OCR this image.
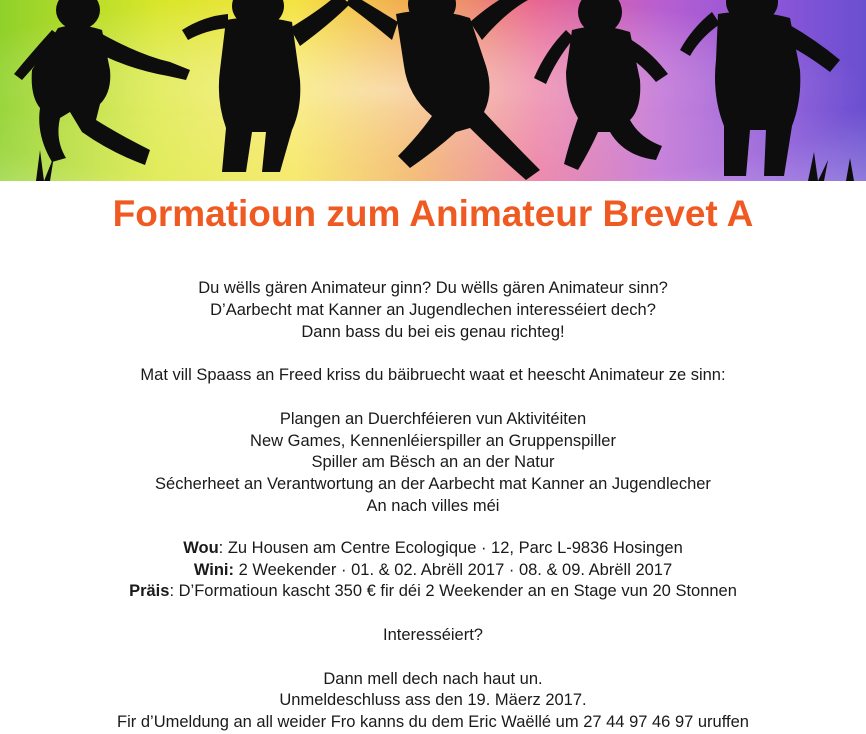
Formatioun zum Animateur Brevet A
Du wëlls gären Animateur ginn? Du wëlls gären Animateur sinn?
D’Aarbecht mat Kanner an Jugendlechen interesséiert dech?
Dann bass du bei eis genau richteg!
Mat vill Spaass an Freed kriss du bäibruecht waat et heescht Animateur ze sinn:
Plangen an Duerchféieren vun Aktivitéiten
New Games, Kennenléierspiller an Gruppenspiller
Spiller am Bësch an an der Natur
Sécherheet an Verantwortung an der Aarbecht mat Kanner an Jugendlecher
An nach villes méi
Wou: Zu Housen am Centre Ecologique · 12, Parc L-9836 Hosingen
Wini: 2 Weekender · 01. & 02. Abrëll 2017 · 08. & 09. Abrëll 2017
Präis: D’Formatioun kascht 350 € fir déi 2 Weekender an en Stage vun 20 Stonnen
Interesséiert?
Dann mell dech nach haut un.
Unmeldeschluss ass den 19. Mäerz 2017.
Fir d’Umeldung an all weider Fro kanns du dem Eric Waëllé um 27 44 97 46 97 uruffen
